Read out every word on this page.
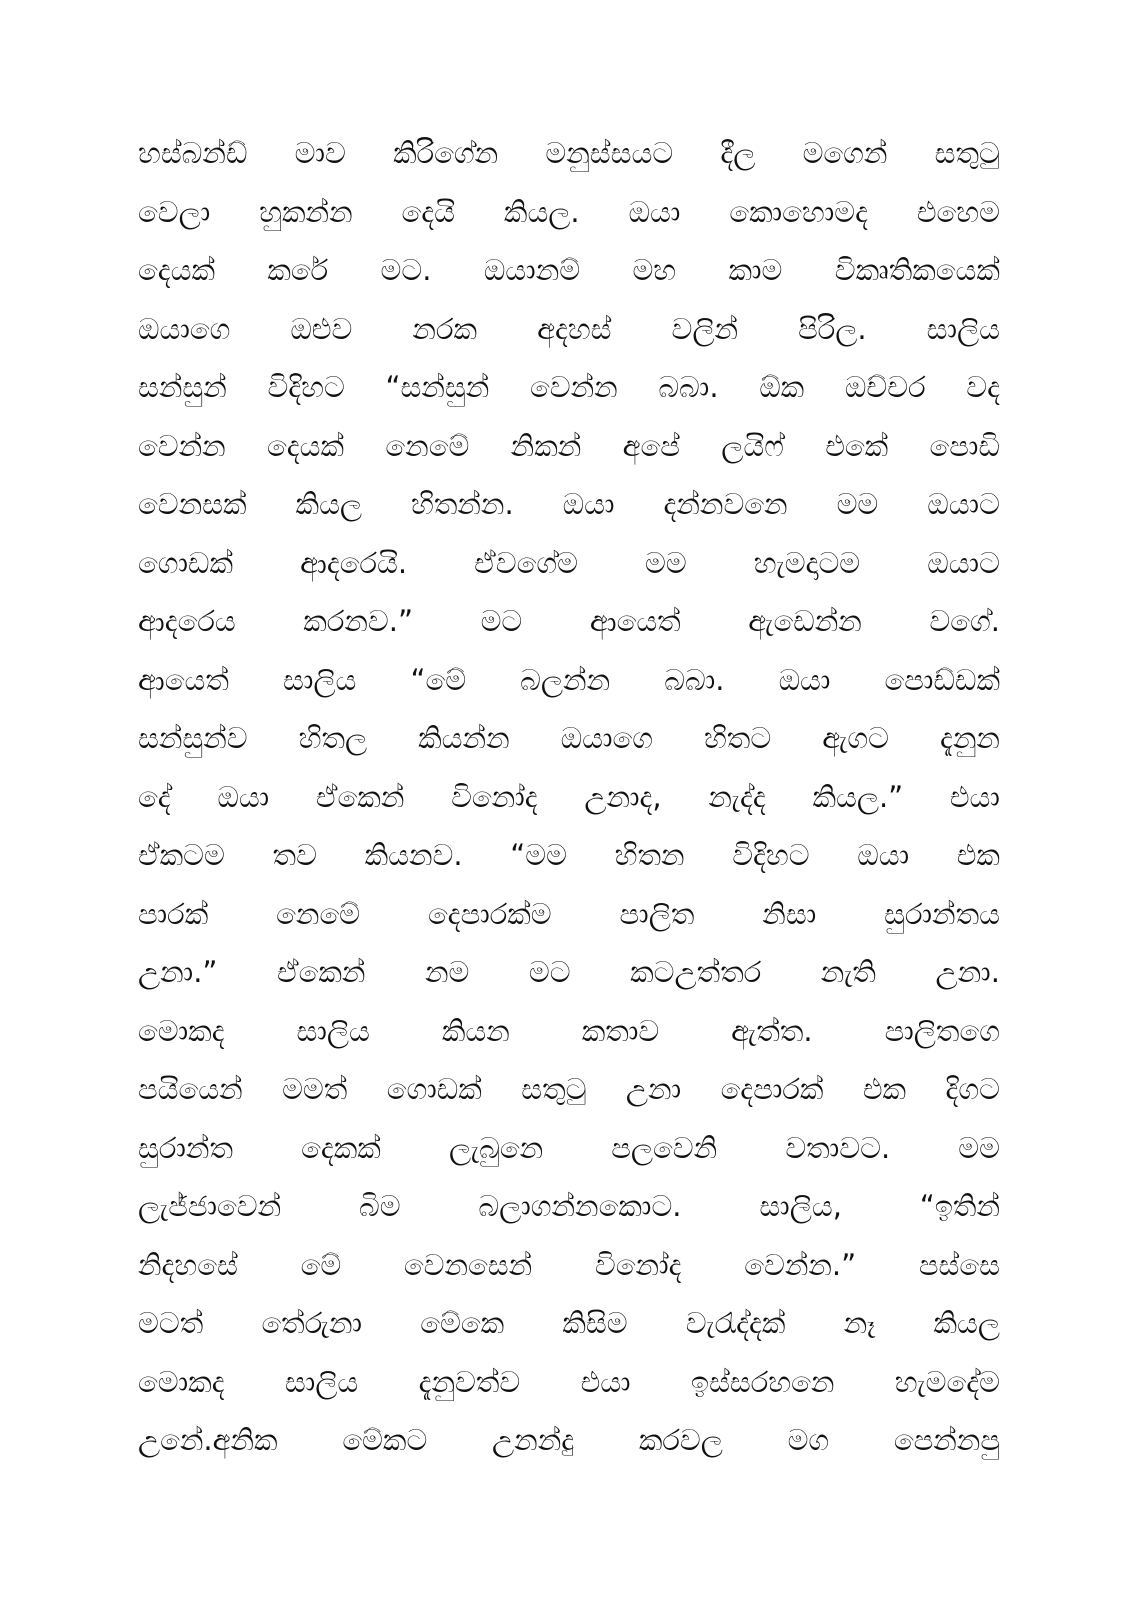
හස්බන්ඩ් මාව කිරිගේන මනුස්සයට දීල මගෙන් සතුටු
වෙලා හුකන්න දෙයි කියල. ඔයා කොහොමද එහෙම
දෙයක් කරේ මට. ඔයානම් මහ කාම විකෘතිකයෙක්
ඔයාගෙ ඔළුව නරක අදහස් වලින් පිරිල. සාලිය
සන්සුන් විදිහට “සන්සුන් වෙන්න බබා. ඕක ඔච්චර වද
වෙන්න දෙයක් නෙමේ නිකන් අපේ ලයිෆ් එකේ පොඩි
වෙනසක් කියල හිතන්න. ඔයා දන්නවනෙ මම ඔයාට
ගොඩක් ආදරෙයි. ඒවගේම මම හැමදාටම ඔයාට
ආදරෙය කරනව.” මට ආයෙත් ඇඩෙන්න වගේ.
ආයෙත් සාලිය “මේ බලන්න බබා. ඔයා පොඩ්ඩක්
සන්සුන්ව හිතල කියන්න ඔයාගෙ හිතට ඇගට දැනුන
දේ ඔයා ඒකෙන් විනෝද උනාද, නැද්ද කියල.” එයා
ඒකටම තව කියනව. “මම හිතන විදිහට ඔයා එක
පාරක් නෙමේ දෙපාරක්ම පාලිත නිසා සුරාන්තය
උනා.” ඒකෙන් නම මට කටඋත්තර නැති උනා.
මොකද සාලිය කියන කතාව ඇත්ත. පාලිතගෙ
පයියෙන් මමත් ගොඩක් සතුටු උනා දෙපාරක් එක දිගට
සුරාන්ත දෙකක් ලැබුනෙ පලවෙනි වතාවට. මම
ලැජ්ජාවෙන්	බිම	බලාගන්නකොට.	සාලිය,	“ඉතින්
නිදහසේ මේ වෙනසෙන් විනෝද වෙන්න.” පස්සෙ
මටත් තේරුනා මේකෙ කිසිම වැරැද්දක් නෑ කියල
මොකද සාලිය දැනුවත්ව එයා ඉස්සරහනෙ හැමදේම
උනේ.අනික මේකට උනන්දු කරවල මග පෙන්නපු
